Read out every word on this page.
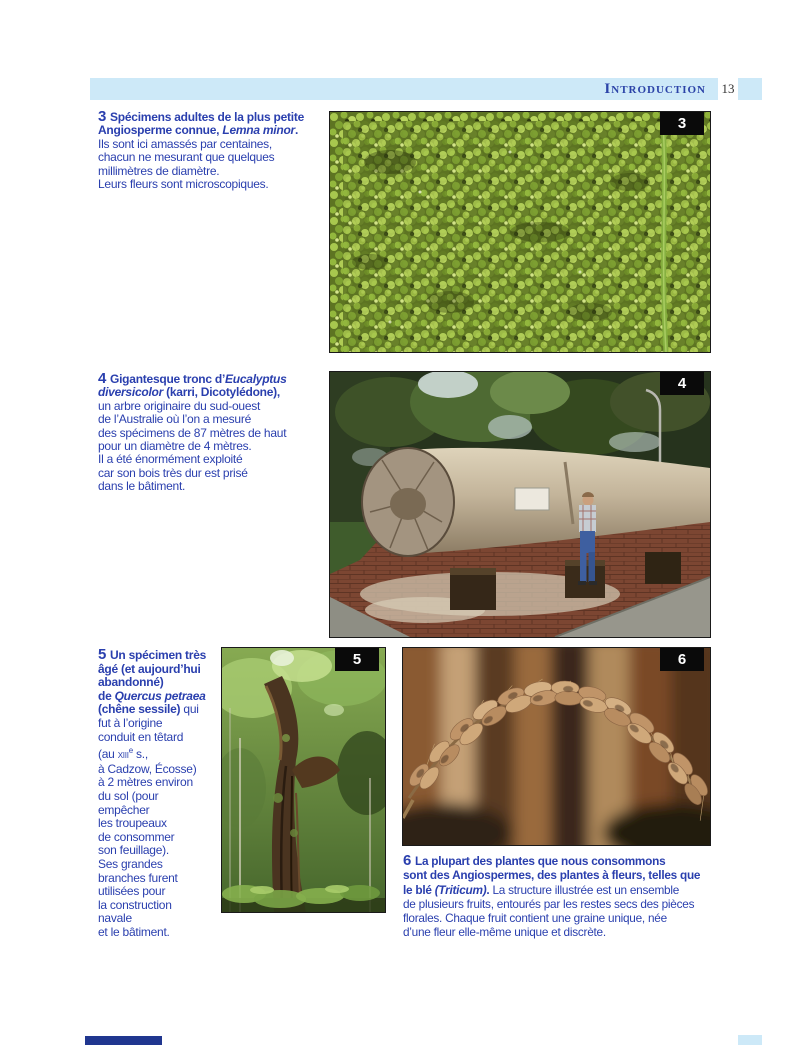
Introduction 13

3 Spécimens adultes de la plus petite
Angiosperme connue, Lemna minor.
Ils sont ici amassés par centaines,
chacun ne mesurant que quelques
millimètres de diamètre.
Leurs fleurs sont microscopiques.

3

4 Gigantesque tronc d’Eucalyptus
diversicolor (karri, Dicotylédone),
un arbre originaire du sud-ouest
de l’Australie où l’on a mesuré
des spécimens de 87 mètres de haut
pour un diamètre de 4 mètres.
Il a été énormément exploité
car son bois très dur est prisé
dans le bâtiment.

4

5 Un spécimen très
âgé (et aujourd’hui
abandonné)
de Quercus petraea
(chêne sessile) qui
fut à l’origine
conduit en têtard
(au xiii$^e$ s.,
à Cadzow, Écosse)
à 2 mètres environ
du sol (pour
empêcher
les troupeaux
de consommer
son feuillage).
Ses grandes
branches furent
utilisées pour
la construction
navale
et le bâtiment.

5	6

6 La plupart des plantes que nous consommons
sont des Angiospermes, des plantes à fleurs, telles que
le blé (Triticum). La structure illustrée est un ensemble
de plusieurs fruits, entourés par les restes secs des pièces
florales. Chaque fruit contient une graine unique, née
d’une fleur elle-même unique et discrète.
